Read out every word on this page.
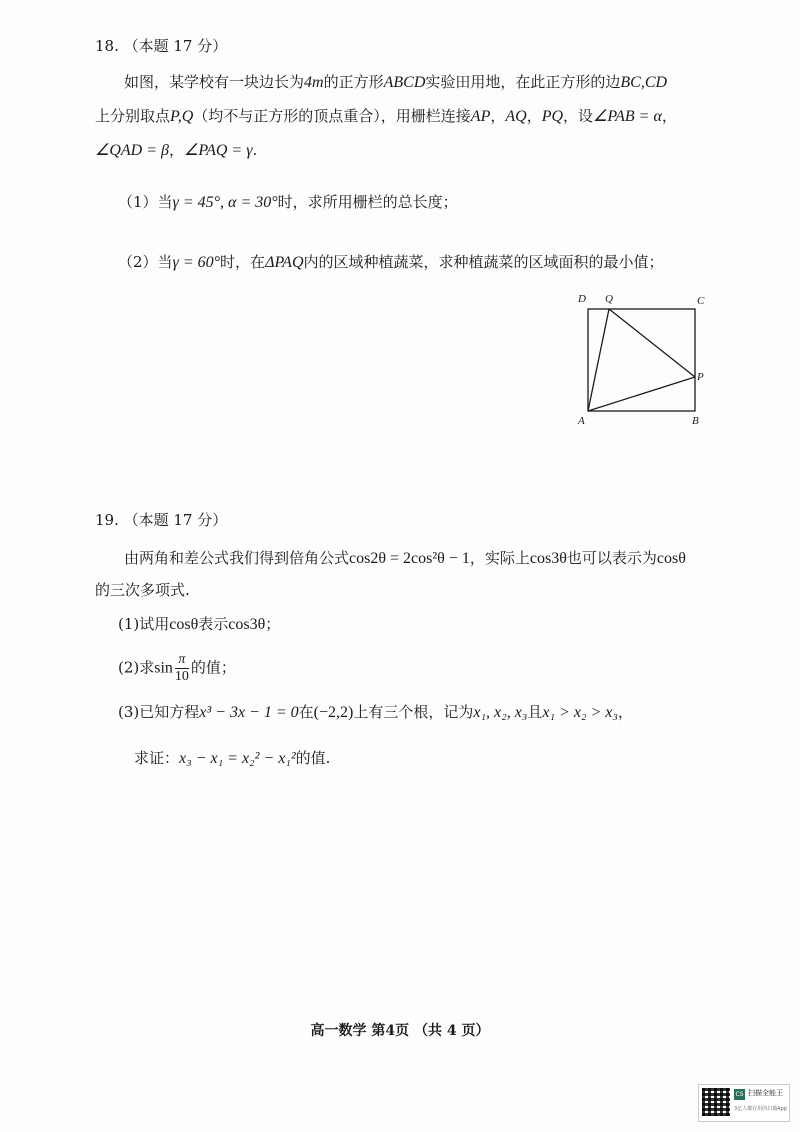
18. （本题 17 分）
如图，某学校有一块边长为4m的正方形ABCD实验田用地，在此正方形的边BC,CD
上分别取点P,Q（均不与正方形的顶点重合），用栅栏连接AP，AQ，PQ，设∠PAB = α，
∠QAD = β，∠PAQ = γ.
（1）当γ = 45°, α = 30°时，求所用栅栏的总长度；
（2）当γ = 60°时，在ΔPAQ内的区域种植蔬菜，求种植蔬菜的区域面积的最小值；
D Q	C
P
A	B
19. （本题 17 分）
由两角和差公式我们得到倍角公式cos2θ = 2cos²θ − 1，实际上cos3θ也可以表示为cosθ
的三次多项式.
(1)试用cosθ表示cos3θ；
(2)求$\sin \frac{\pi}{10}$ 的值；
(3)已知方程x³ − 3x − 1 = 0在(−2,2)上有三个根，记为x₁, x₂, x₃且x₁ > x₂ > x₃，
求证：x₃ − x₁ = x₂² − x₁²的值.
高一数学 第4页 （共 4 页）
CS 扫描全能王
3亿人都在用的扫描App
